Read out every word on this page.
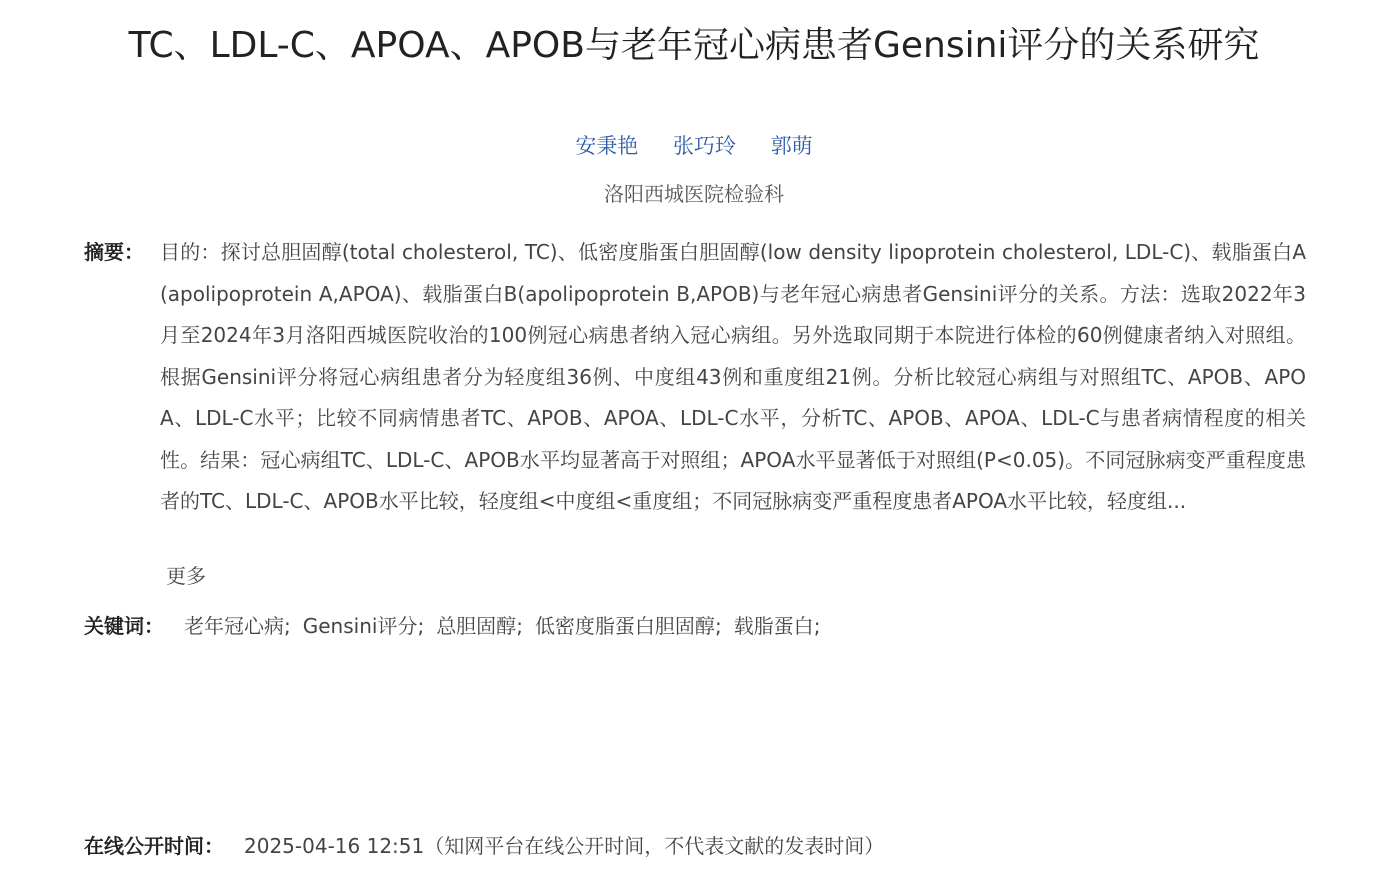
TC、LDL-C、APOA、APOB与老年冠心病患者Gensini评分的关系研究
安秉艳 张巧玲 郭萌
洛阳西城医院检验科
摘要： 目的：探讨总胆固醇(total cholesterol, TC)、低密度脂蛋白胆固醇(low density lipoprotein cholesterol, LDL-C)、载脂蛋白A(apolipoprotein A,APOA)、载脂蛋白B(apolipoprotein B,APOB)与老年冠心病患者Gensini评分的关系。方法：选取2022年3月至2024年3月洛阳西城医院收治的100例冠心病患者纳入冠心病组。另外选取同期于本院进行体检的60例健康者纳入对照组。根据Gensini评分将冠心病组患者分为轻度组36例、中度组43例和重度组21例。分析比较冠心病组与对照组TC、APOB、APOA、LDL-C水平；比较不同病情患者TC、APOB、APOA、LDL-C水平，分析TC、APOB、APOA、LDL-C与患者病情程度的相关性。结果：冠心病组TC、LDL-C、APOB水平均显著高于对照组；APOA水平显著低于对照组(P<0.05)。不同冠脉病变严重程度患者的TC、LDL-C、APOB水平比较，轻度组<中度组<重度组；不同冠脉病变严重程度患者APOA水平比较，轻度组...
更多
关键词： 老年冠心病; Gensini评分; 总胆固醇; 低密度脂蛋白胆固醇; 载脂蛋白;
在线公开时间： 2025-04-16 12:51（知网平台在线公开时间，不代表文献的发表时间）
